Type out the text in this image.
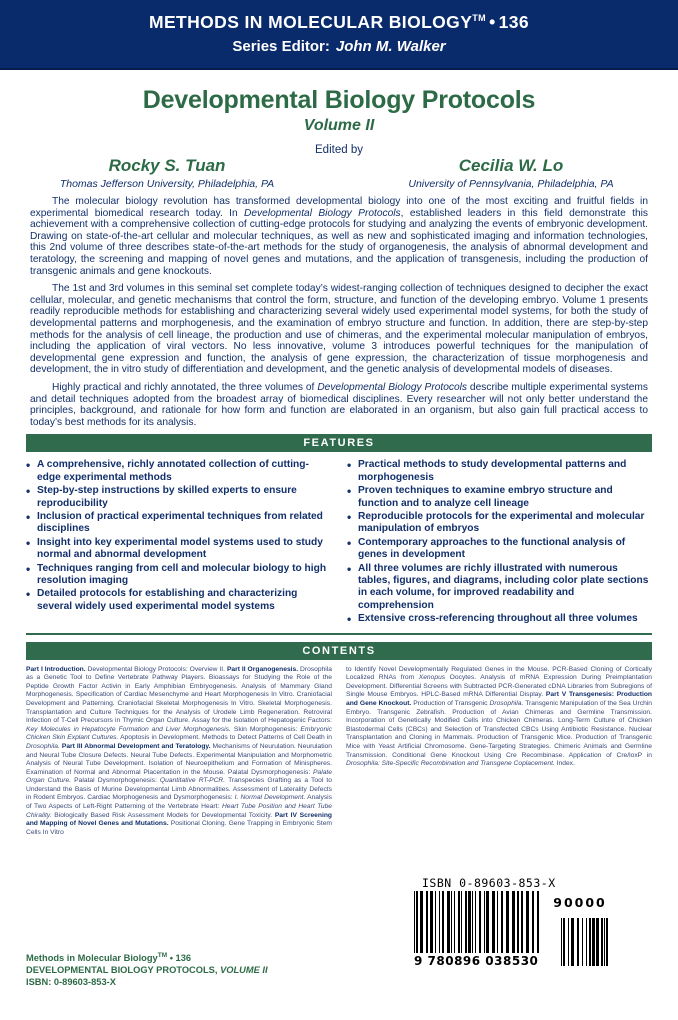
METHODS IN MOLECULAR BIOLOGY™ • 136
Series Editor: John M. Walker
Developmental Biology Protocols
Volume II
Edited by
Rocky S. Tuan
Thomas Jefferson University, Philadelphia, PA
Cecilia W. Lo
University of Pennsylvania, Philadelphia, PA

The molecular biology revolution has transformed developmental biology into one of the most exciting and fruitful fields in experimental biomedical research today. In Developmental Biology Protocols, established leaders in this field demonstrate this achievement with a comprehensive collection of cutting-edge protocols for studying and analyzing the events of embryonic development. Drawing on state-of-the-art cellular and molecular techniques, as well as new and sophisticated imaging and information technologies, this 2nd volume of three describes state-of-the-art methods for the study of organogenesis, the analysis of abnormal development and teratology, the screening and mapping of novel genes and mutations, and the application of transgenesis, including the production of transgenic animals and gene knockouts.

The 1st and 3rd volumes in this seminal set complete today’s widest-ranging collection of techniques designed to decipher the exact cellular, molecular, and genetic mechanisms that control the form, structure, and function of the developing embryo. Volume 1 presents readily reproducible methods for establishing and characterizing several widely used experimental model systems, for both the study of developmental patterns and morphogenesis, and the examination of embryo structure and function. In addition, there are step-by-step methods for the analysis of cell lineage, the production and use of chimeras, and the experimental molecular manipulation of embryos, including the application of viral vectors. No less innovative, volume 3 introduces powerful techniques for the manipulation of developmental gene expression and function, the analysis of gene expression, the characterization of tissue morphogenesis and development, the in vitro study of differentiation and development, and the genetic analysis of developmental models of diseases.

Highly practical and richly annotated, the three volumes of Developmental Biology Protocols describe multiple experimental systems and detail techniques adopted from the broadest array of biomedical disciplines. Every researcher will not only better understand the principles, background, and rationale for how form and function are elaborated in an organism, but also gain full practical access to today’s best methods for its analysis.

FEATURES
• A comprehensive, richly annotated collection of cutting-edge experimental methods
• Step-by-step instructions by skilled experts to ensure reproducibility
• Inclusion of practical experimental techniques from related disciplines
• Insight into key experimental model systems used to study normal and abnormal development
• Techniques ranging from cell and molecular biology to high resolution imaging
• Detailed protocols for establishing and characterizing several widely used experimental model systems
• Practical methods to study developmental patterns and morphogenesis
• Proven techniques to examine embryo structure and function and to analyze cell lineage
• Reproducible protocols for the experimental and molecular manipulation of embryos
• Contemporary approaches to the functional analysis of genes in development
• All three volumes are richly illustrated with numerous tables, figures, and diagrams, including color plate sections in each volume, for improved readability and comprehension
• Extensive cross-referencing throughout all three volumes
CONTENTS
Part I Introduction. Developmental Biology Protocols: Overview II. Part II Organogenesis. Drosophila as a Genetic Tool to Define Vertebrate Pathway Players. Bioassays for Studying the Role of the Peptide Growth Factor Activin in Early Amphibian Embryogenesis. Analysis of Mammary Gland Morphogenesis. Specification of Cardiac Mesenchyme and Heart Morphogenesis In Vitro. Craniofacial Development and Patterning. Craniofacial Skeletal Morphogenesis In Vitro. Skeletal Morphogenesis. Transplantation and Culture Techniques for the Analysis of Urodele Limb Regeneration. Retroviral Infection of T-Cell Precursors in Thymic Organ Culture. Assay for the Isolation of Hepatogenic Factors: Key Molecules in Hepatocyte Formation and Liver Morphogenesis. Skin Morphogenesis: Embryonic Chicken Skin Explant Cultures. Apoptosis in Development. Methods to Detect Patterns of Cell Death in Drosophila. Part III Abnormal Development and Teratology. Mechanisms of Neurulation. Neurulation and Neural Tube Closure Defects. Neural Tube Defects. Experimental Manipulation and Morphometric Analysis of Neural Tube Development. Isolation of Neuroepithelium and Formation of Minispheres. Examination of Normal and Abnormal Placentation in the Mouse. Palatal Dysmorphogenesis: Palate Organ Culture. Palatal Dysmorphogenesis: Quantitative RT-PCR. Transpecies Grafting as a Tool to Understand the Basis of Murine Developmental Limb Abnormalities. Assessment of Laterality Defects in Rodent Embryos. Cardiac Morphogenesis and Dysmorphogenesis: I. Normal Development. Analysis of Two Aspects of Left-Right Patterning of the Vertebrate Heart: Heart Tube Position and Heart Tube Chirality. Biologically Based Risk Assessment Models for Developmental Toxicity. Part IV Screening and Mapping of Novel Genes and Mutations. Positional Cloning. Gene Trapping in Embryonic Stem Cells In Vitro
to Identify Novel Developmentally Regulated Genes in the Mouse. PCR-Based Cloning of Cortically Localized RNAs from Xenopus Oocytes. Analysis of mRNA Expression During Preimplantation Development. Differential Screens with Subtracted PCR-Generated cDNA Libraries from Subregions of Single Mouse Embryos. HPLC-Based mRNA Differential Display. Part V Transgenesis: Production and Gene Knockout. Production of Transgenic Drosophila. Transgenic Manipulation of the Sea Urchin Embryo. Transgenic Zebrafish. Production of Avian Chimeras and Germline Transmission. Incorporation of Genetically Modified Cells into Chicken Chimeras. Long-Term Culture of Chicken Blastodermal Cells (CBCs) and Selection of Transfected CBCs Using Antibiotic Resistance. Nuclear Transplantation and Cloning in Mammals. Production of Transgenic Mice. Production of Transgenic Mice with Yeast Artificial Chromosome. Gene-Targeting Strategies. Chimeric Animals and Germline Transmission. Conditional Gene Knockout Using Cre Recombinase. Application of Cre/loxP in Drosophila: Site-Specific Recombination and Transgene Coplacement. Index.
ISBN 0-89603-853-X
9 780896 038530
90000
Methods in Molecular Biology™ • 136
DEVELOPMENTAL BIOLOGY PROTOCOLS, VOLUME II
ISBN: 0-89603-853-X
